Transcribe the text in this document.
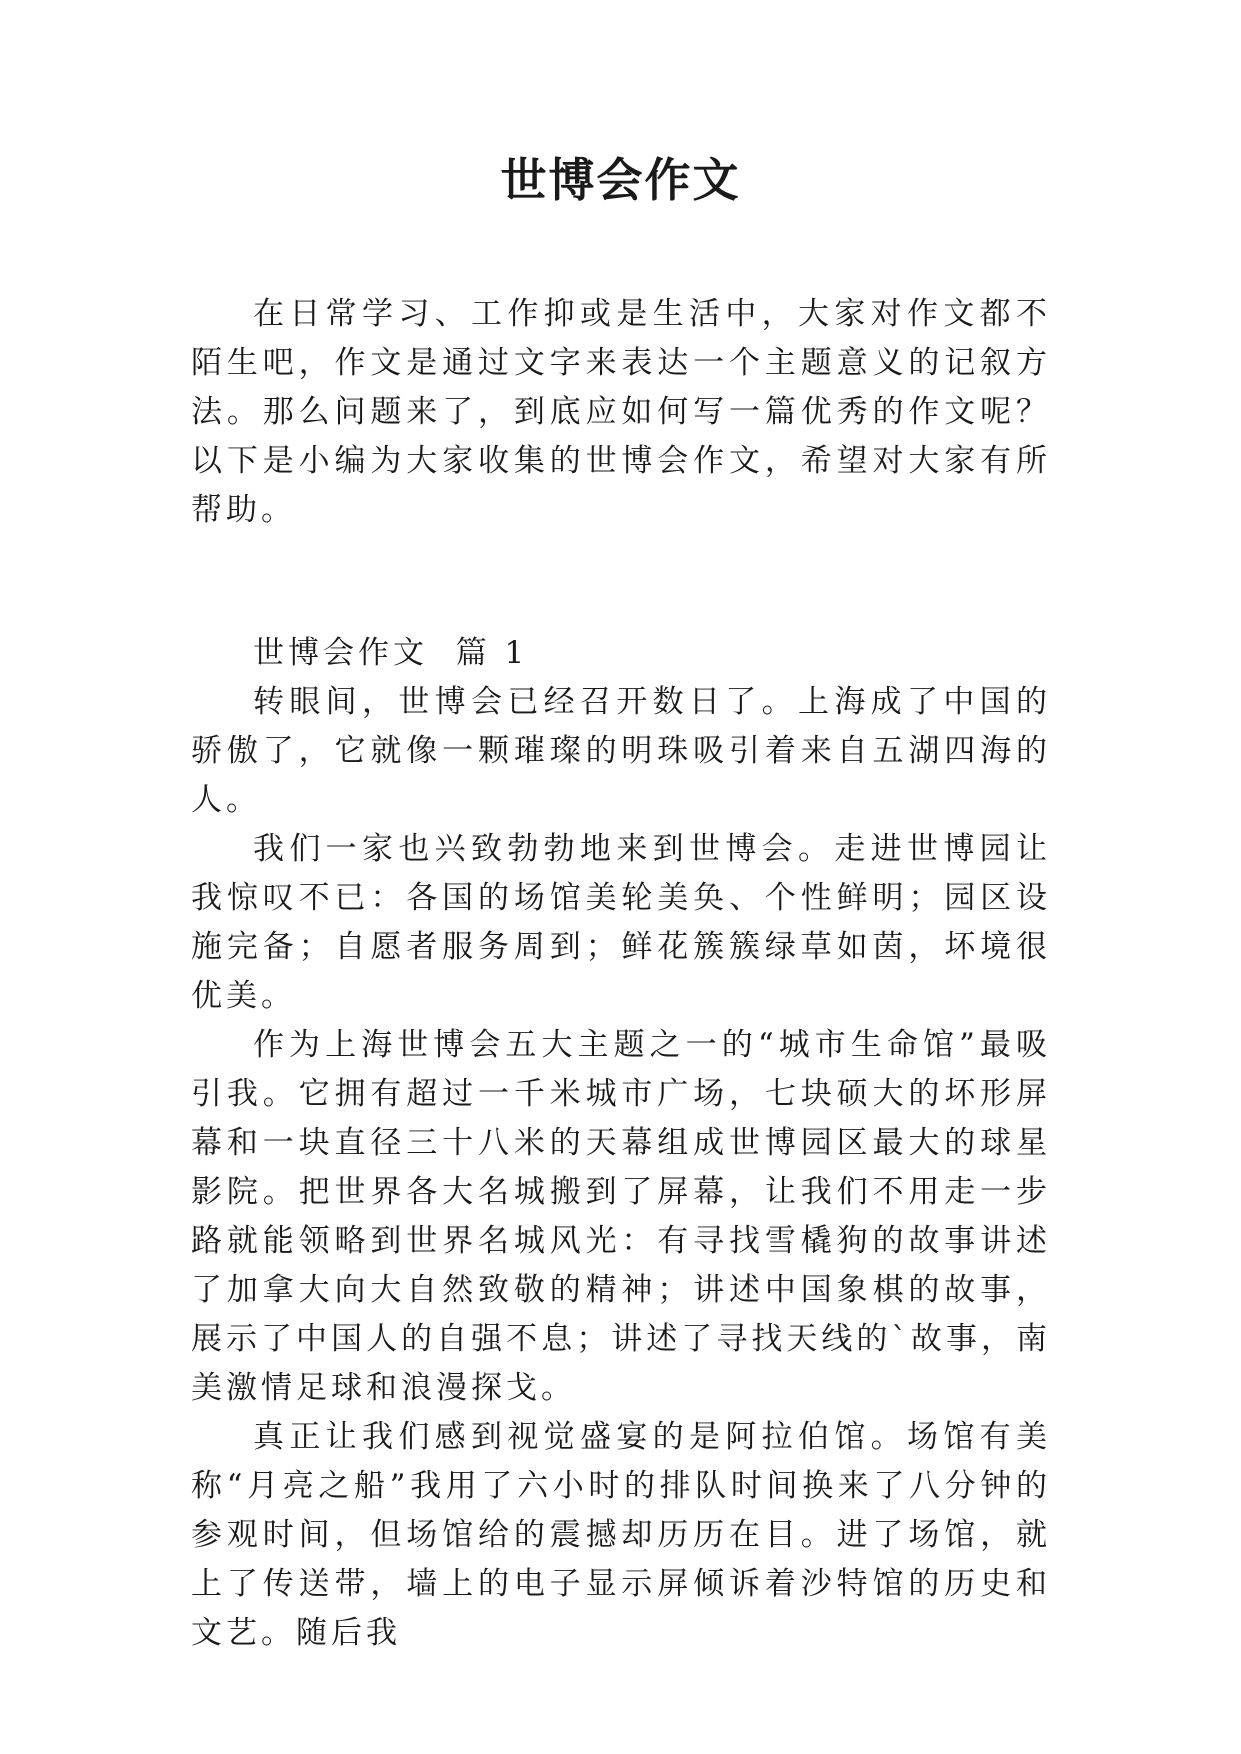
世博会作文

在日常学习、工作抑或是生活中，大家对作文都不陌生吧，作文是通过文字来表达一个主题意义的记叙方法。那么问题来了，到底应如何写一篇优秀的作文呢？以下是小编为大家收集的世博会作文，希望对大家有所帮助。

世博会作文  篇 1

转眼间，世博会已经召开数日了。上海成了中国的骄傲了，它就像一颗璀璨的明珠吸引着来自五湖四海的人。

我们一家也兴致勃勃地来到世博会。走进世博园让我惊叹不已：各国的场馆美轮美奂、个性鲜明；园区设施完备；自愿者服务周到；鲜花簇簇绿草如茵，坏境很优美。

作为上海世博会五大主题之一的“城市生命馆”最吸引我。它拥有超过一千米城市广场，七块硕大的坏形屏幕和一块直径三十八米的天幕组成世博园区最大的球星影院。把世界各大名城搬到了屏幕，让我们不用走一步路就能领略到世界名城风光：有寻找雪橇狗的故事讲述了加拿大向大自然致敬的精神；讲述中国象棋的故事，展示了中国人的自强不息；讲述了寻找天线的`故事，南美激情足球和浪漫探戈。

真正让我们感到视觉盛宴的是阿拉伯馆。场馆有美称“月亮之船”我用了六小时的排队时间换来了八分钟的参观时间，但场馆给的震撼却历历在目。进了场馆，就上了传送带，墙上的电子显示屏倾诉着沙特馆的历史和文艺。随后我
